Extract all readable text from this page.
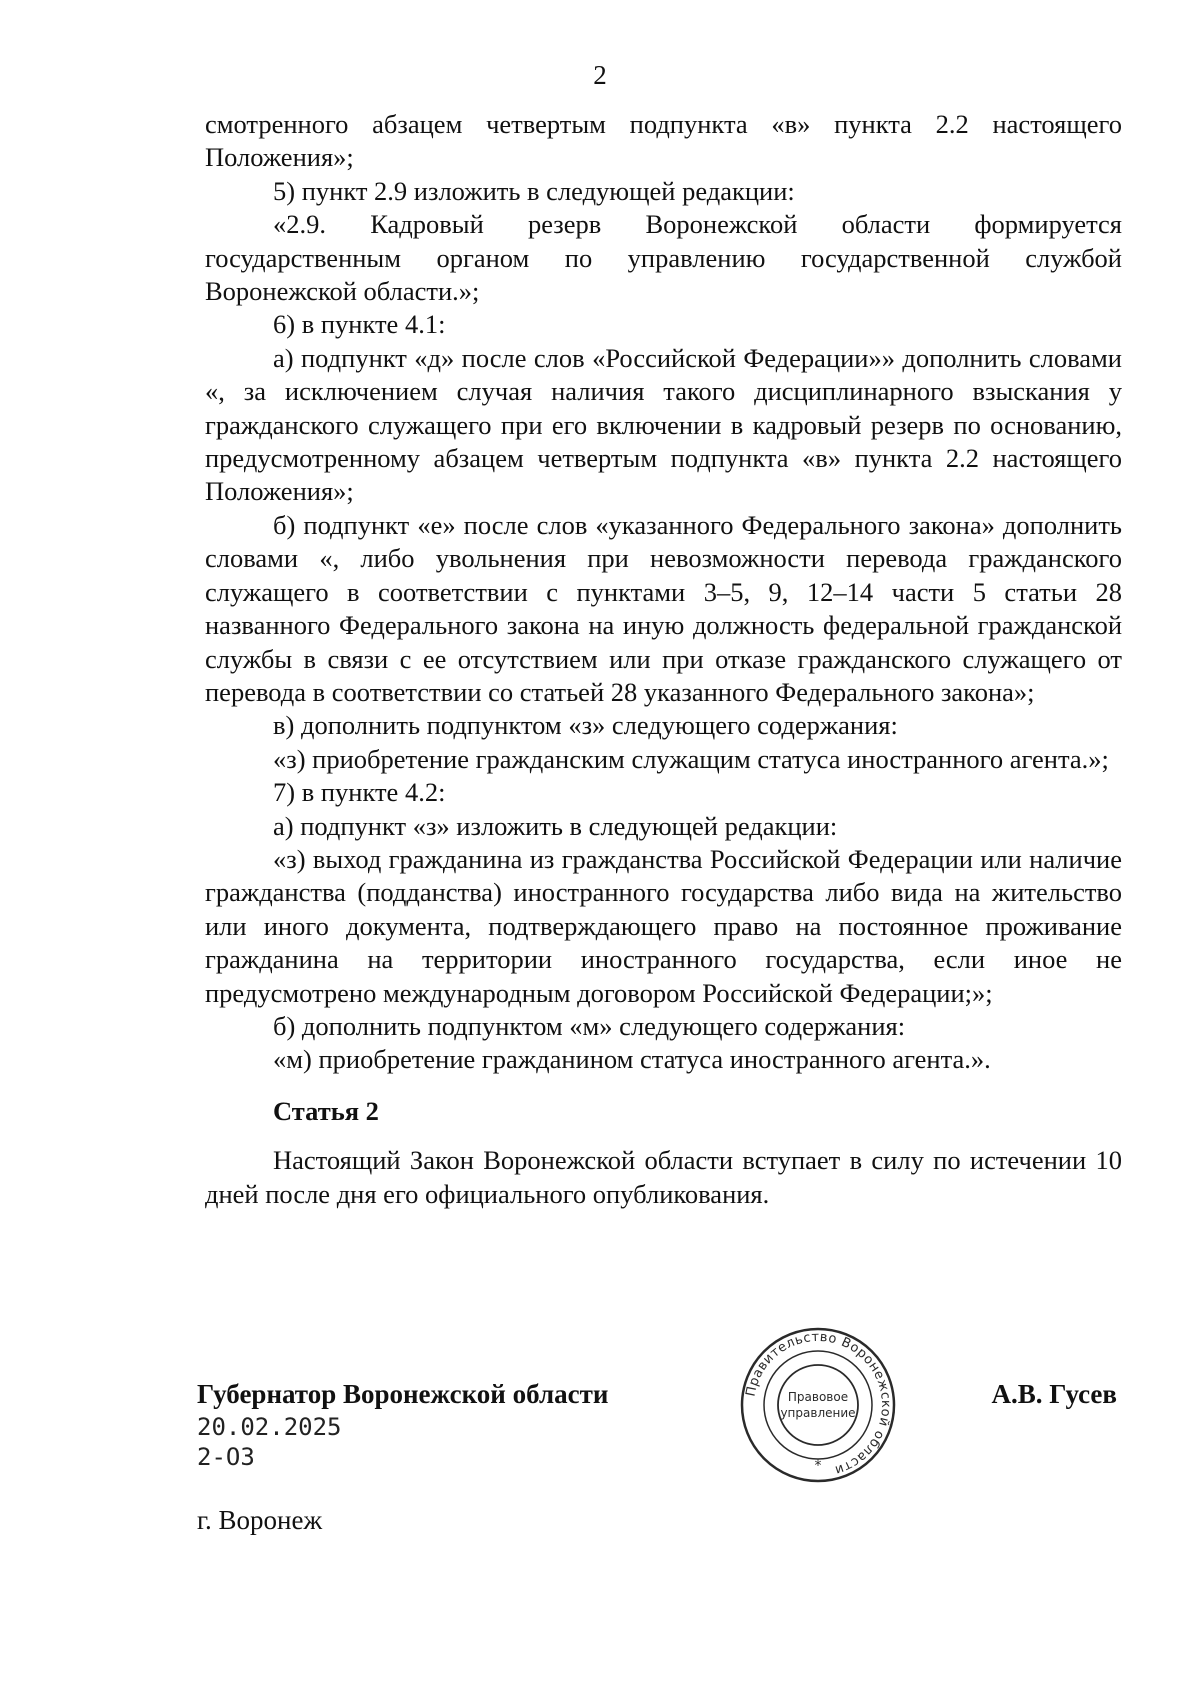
2

смотренного абзацем четвертым подпункта «в» пункта 2.2 настоящего Положения»;

5) пункт 2.9 изложить в следующей редакции:

«2.9. Кадровый резерв Воронежской области формируется государственным органом по управлению государственной службой Воронежской области.»;

6) в пункте 4.1:

а) подпункт «д» после слов «Российской Федерации»» дополнить словами «, за исключением случая наличия такого дисциплинарного взыскания у гражданского служащего при его включении в кадровый резерв по основанию, предусмотренному абзацем четвертым подпункта «в» пункта 2.2 настоящего Положения»;

б) подпункт «е» после слов «указанного Федерального закона» дополнить словами «, либо увольнения при невозможности перевода гражданского служащего в соответствии с пунктами 3–5, 9, 12–14 части 5 статьи 28 названного Федерального закона на иную должность федеральной гражданской службы в связи с ее отсутствием или при отказе гражданского служащего от перевода в соответствии со статьей 28 указанного Федерального закона»;

в) дополнить подпунктом «з» следующего содержания:

«з) приобретение гражданским служащим статуса иностранного агента.»;

7) в пункте 4.2:

а) подпункт «з» изложить в следующей редакции:

«з) выход гражданина из гражданства Российской Федерации или наличие гражданства (подданства) иностранного государства либо вида на жительство или иного документа, подтверждающего право на постоянное проживание гражданина на территории иностранного государства, если иное не предусмотрено международным договором Российской Федерации;»;

б) дополнить подпунктом «м» следующего содержания:

«м) приобретение гражданином статуса иностранного агента.».

Статья 2

Настоящий Закон Воронежской области вступает в силу по истечении 10 дней после дня его официального опубликования.

Губернатор Воронежской области
20.02.2025
2-ОЗ
г. Воронеж
А.В. Гусев
Правительство Воронежской области
Правовое
управление
*
